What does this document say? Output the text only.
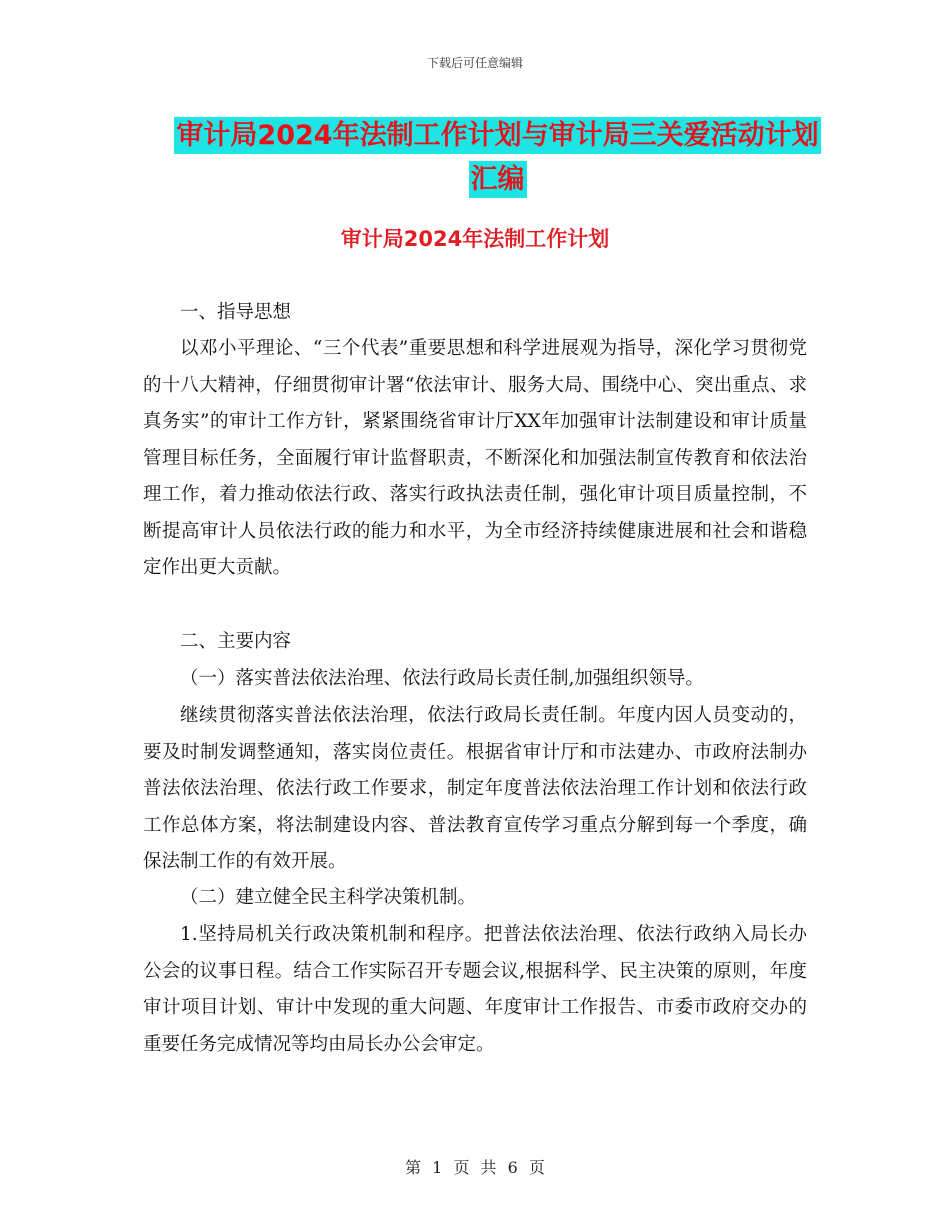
下载后可任意编辑
审计局2024年法制工作计划与审计局三关爱活动计划
汇编
审计局2024年法制工作计划
一、指导思想
以邓小平理论、“三个代表”重要思想和科学进展观为指导，深化学习贯彻党的十八大精神，仔细贯彻审计署“依法审计、服务大局、围绕中心、突出重点、求真务实”的审计工作方针，紧紧围绕省审计厅XX年加强审计法制建设和审计质量管理目标任务，全面履行审计监督职责，不断深化和加强法制宣传教育和依法治理工作，着力推动依法行政、落实行政执法责任制，强化审计项目质量控制，不断提高审计人员依法行政的能力和水平，为全市经济持续健康进展和社会和谐稳定作出更大贡献。
二、主要内容
（一）落实普法依法治理、依法行政局长责任制,加强组织领导。
继续贯彻落实普法依法治理，依法行政局长责任制。年度内因人员变动的，要及时制发调整通知，落实岗位责任。根据省审计厅和市法建办、市政府法制办普法依法治理、依法行政工作要求，制定年度普法依法治理工作计划和依法行政工作总体方案，将法制建设内容、普法教育宣传学习重点分解到每一个季度，确保法制工作的有效开展。
（二）建立健全民主科学决策机制。
1.坚持局机关行政决策机制和程序。把普法依法治理、依法行政纳入局长办公会的议事日程。结合工作实际召开专题会议,根据科学、民主决策的原则，年度审计项目计划、审计中发现的重大问题、年度审计工作报告、市委市政府交办的重要任务完成情况等均由局长办公会审定。
第 1 页 共 6 页
